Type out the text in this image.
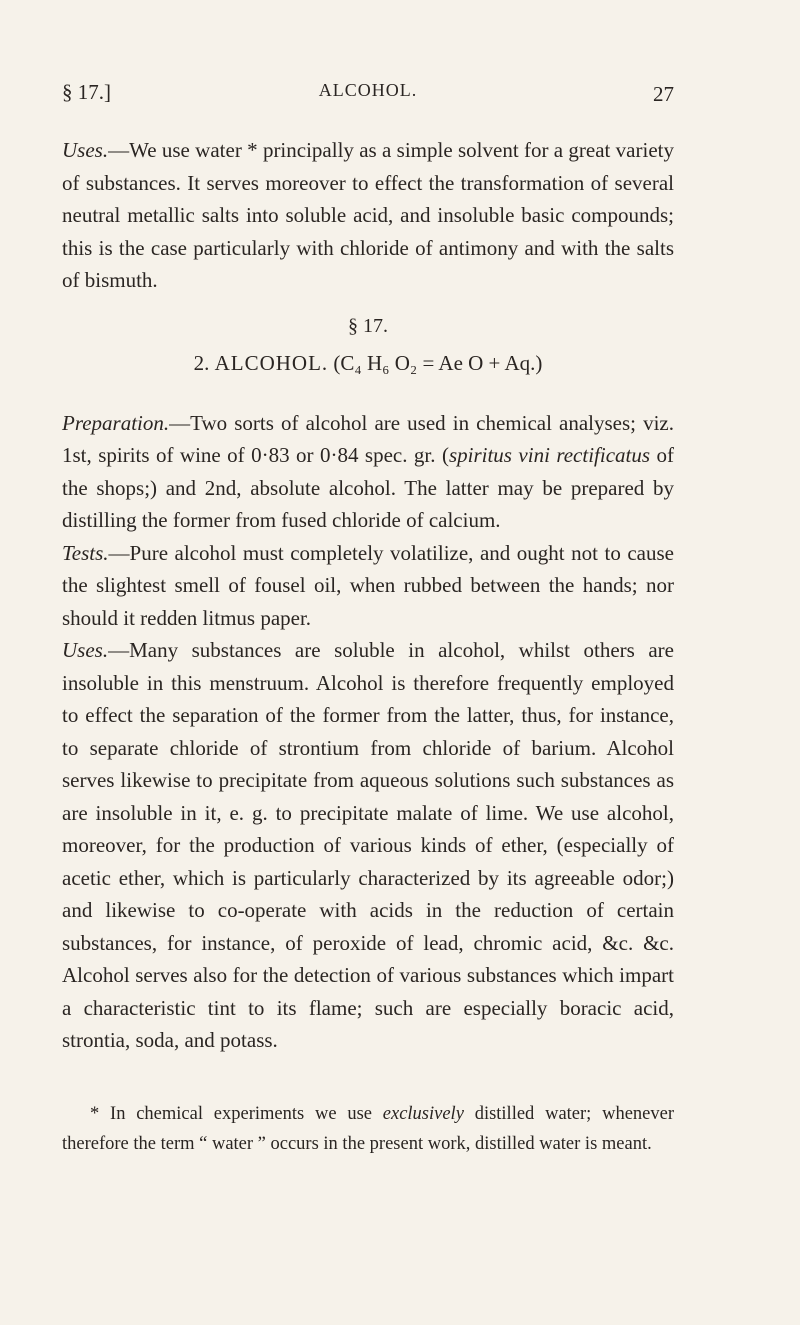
§ 17.]	ALCOHOL.	27

Uses.—We use water * principally as a simple solvent for a great variety of substances. It serves moreover to effect the transformation of several neutral metallic salts into soluble acid, and insoluble basic compounds; this is the case particularly with chloride of antimony and with the salts of bismuth.

§ 17.
2. ALCOHOL. (C₄ H₆ O₂ = Ae O + Aq.)

Preparation.—Two sorts of alcohol are used in chemical analyses; viz. 1st, spirits of wine of 0·83 or 0·84 spec. gr. (spiritus vini rectificatus of the shops;) and 2nd, absolute alcohol. The latter may be prepared by distilling the former from fused chloride of calcium.

Tests.—Pure alcohol must completely volatilize, and ought not to cause the slightest smell of fousel oil, when rubbed between the hands; nor should it redden litmus paper.

Uses.—Many substances are soluble in alcohol, whilst others are insoluble in this menstruum. Alcohol is therefore frequently employed to effect the separation of the former from the latter, thus, for instance, to separate chloride of strontium from chloride of barium. Alcohol serves likewise to precipitate from aqueous solutions such substances as are insoluble in it, e. g. to precipitate malate of lime. We use alcohol, moreover, for the production of various kinds of ether, (especially of acetic ether, which is particularly characterized by its agreeable odor;) and likewise to co-operate with acids in the reduction of certain substances, for instance, of peroxide of lead, chromic acid, &c. &c. Alcohol serves also for the detection of various substances which impart a characteristic tint to its flame; such are especially boracic acid, strontia, soda, and potass.

* In chemical experiments we use exclusively distilled water; whenever therefore the term “ water ” occurs in the present work, distilled water is meant.
